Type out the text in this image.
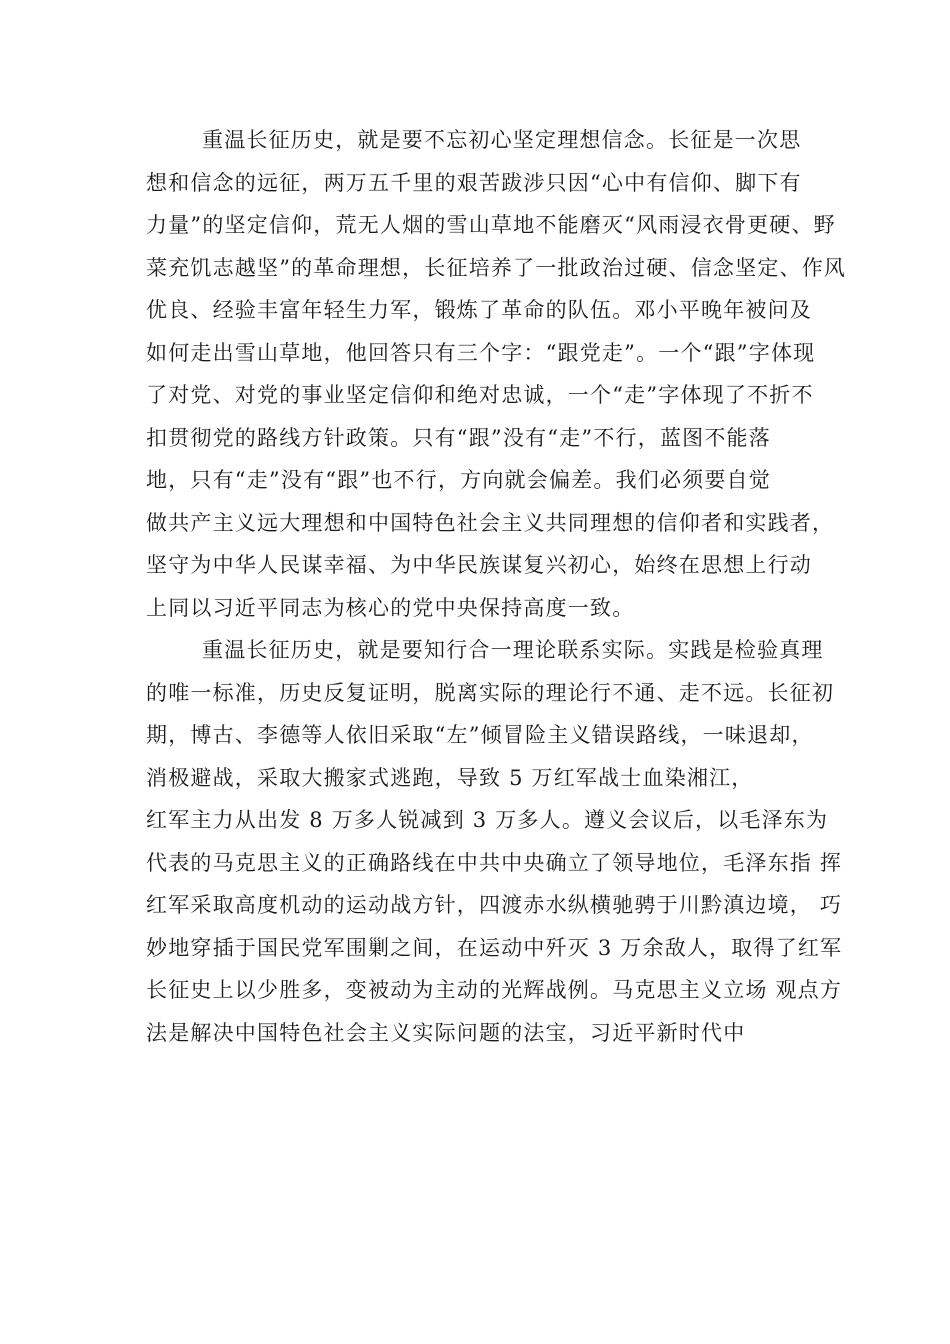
重温长征历史，就是要不忘初心坚定理想信念。长征是一次思
想和信念的远征，两万五千里的艰苦跋涉只因“心中有信仰、脚下有
力量”的坚定信仰，荒无人烟的雪山草地不能磨灭“风雨浸衣骨更硬、野
菜充饥志越坚”的革命理想，长征培养了一批政治过硬、信念坚定、作风
优良、经验丰富年轻生力军，锻炼了革命的队伍。邓小平晚年被问及
如何走出雪山草地，他回答只有三个字：“跟党走”。一个“跟”字体现
了对党、对党的事业坚定信仰和绝对忠诚，一个“走”字体现了不折不
扣贯彻党的路线方针政策。只有“跟”没有“走”不行，蓝图不能落
地，只有“走”没有“跟”也不行，方向就会偏差。我们必须要自觉
做共产主义远大理想和中国特色社会主义共同理想的信仰者和实践者，
坚守为中华人民谋幸福、为中华民族谋复兴初心，始终在思想上行动
上同以习近平同志为核心的党中央保持高度一致。
重温长征历史，就是要知行合一理论联系实际。实践是检验真理
的唯一标准，历史反复证明，脱离实际的理论行不通、走不远。长征初
期，博古、李德等人依旧采取“左”倾冒险主义错误路线，一味退却，
消极避战，采取大搬家式逃跑，导致 5 万红军战士血染湘江，
红军主力从出发 8 万多人锐减到 3 万多人。遵义会议后，以毛泽东为
代表的马克思主义的正确路线在中共中央确立了领导地位，毛泽东指 挥
红军采取高度机动的运动战方针，四渡赤水纵横驰骋于川黔滇边境， 巧
妙地穿插于国民党军围剿之间，在运动中歼灭 3 万余敌人，取得了红军
长征史上以少胜多，变被动为主动的光辉战例。马克思主义立场 观点方
法是解决中国特色社会主义实际问题的法宝，习近平新时代中
